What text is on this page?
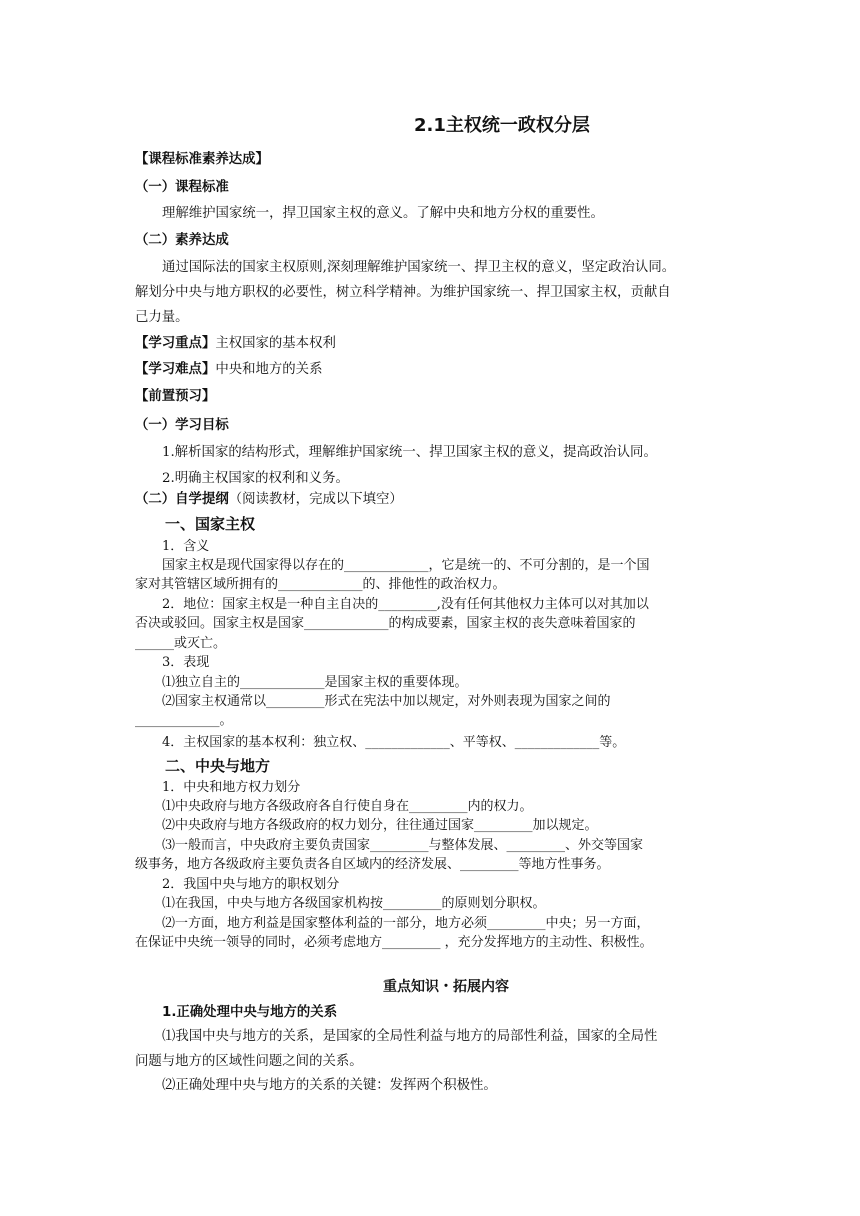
2.1主权统一政权分层
【课程标准素养达成】
（一）课程标准
理解维护国家统一，捍卫国家主权的意义。了解中央和地方分权的重要性。
（二）素养达成
通过国际法的国家主权原则,深刻理解维护国家统一、捍卫主权的意义，坚定政治认同。
解划分中央与地方职权的必要性，树立科学精神。为维护国家统一、捍卫国家主权，贡献自
己力量。
【学习重点】主权国家的基本权利
【学习难点】中央和地方的关系
【前置预习】
（一）学习目标
1.解析国家的结构形式，理解维护国家统一、捍卫国家主权的意义，提高政治认同。
2.明确主权国家的权利和义务。
（二）自学提纲（阅读教材，完成以下填空）
一、国家主权
1．含义
国家主权是现代国家得以存在的_____________，它是统一的、不可分割的，是一个国
家对其管辖区域所拥有的_____________的、排他性的政治权力。
2．地位：国家主权是一种自主自决的_________,没有任何其他权力主体可以对其加以
否决或驳回。国家主权是国家_____________的构成要素，国家主权的丧失意味着国家的
______或灭亡。
3．表现
⑴独立自主的_____________是国家主权的重要体现。
⑵国家主权通常以_________形式在宪法中加以规定，对外则表现为国家之间的
_____________。
4．主权国家的基本权利：独立权、_____________、平等权、_____________等。
二、中央与地方
1．中央和地方权力划分
⑴中央政府与地方各级政府各自行使自身在_________内的权力。
⑵中央政府与地方各级政府的权力划分，往往通过国家_________加以规定。
⑶一般而言，中央政府主要负责国家_________与整体发展、_________、外交等国家
级事务，地方各级政府主要负责各自区域内的经济发展、_________等地方性事务。
2．我国中央与地方的职权划分
⑴在我国，中央与地方各级国家机构按_________的原则划分职权。
⑵一方面，地方利益是国家整体利益的一部分，地方必须_________中央；另一方面，
在保证中央统一领导的同时，必须考虑地方_________ ，充分发挥地方的主动性、积极性。
重点知识・拓展内容
1.正确处理中央与地方的关系
⑴我国中央与地方的关系，是国家的全局性利益与地方的局部性利益，国家的全局性
问题与地方的区域性问题之间的关系。
⑵正确处理中央与地方的关系的关键：发挥两个积极性。
